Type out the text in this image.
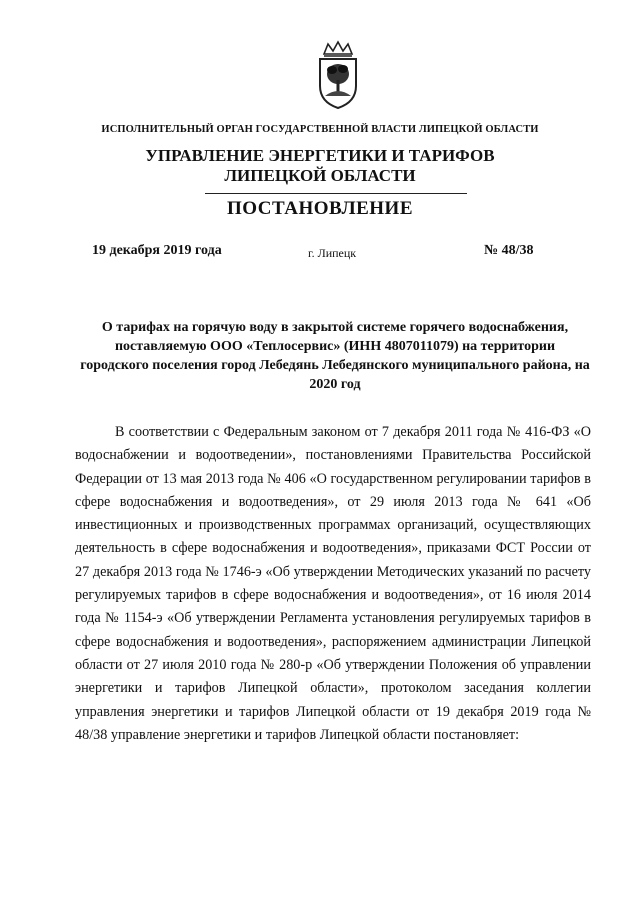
ИСПОЛНИТЕЛЬНЫЙ ОРГАН ГОСУДАРСТВЕННОЙ ВЛАСТИ ЛИПЕЦКОЙ ОБЛАСТИ
УПРАВЛЕНИЕ ЭНЕРГЕТИКИ И ТАРИФОВ
ЛИПЕЦКОЙ ОБЛАСТИ
ПОСТАНОВЛЕНИЕ
19 декабря 2019 года	г. Липецк	№ 48/38
О тарифах на горячую воду в закрытой системе горячего водоснабжения, поставляемую ООО «Теплосервис» (ИНН 4807011079) на территории городского поселения город Лебедянь Лебедянского муниципального района, на 2020 год

В соответствии с Федеральным законом от 7 декабря 2011 года № 416-ФЗ «О водоснабжении и водоотведении», постановлениями Правительства Российской Федерации от 13 мая 2013 года № 406 «О государственном регулировании тарифов в сфере водоснабжения и водоотведения», от 29 июля 2013 года № 641 «Об инвестиционных и производственных программах организаций, осуществляющих деятельность в сфере водоснабжения и водоотведения», приказами ФСТ России от 27 декабря 2013 года № 1746-э «Об утверждении Методических указаний по расчету регулируемых тарифов в сфере водоснабжения и водоотведения», от 16 июля 2014 года № 1154-э «Об утверждении Регламента установления регулируемых тарифов в сфере водоснабжения и водоотведения», распоряжением администрации Липецкой области от 27 июля 2010 года № 280-р «Об утверждении Положения об управлении энергетики и тарифов Липецкой области», протоколом заседания коллегии управления энергетики и тарифов Липецкой области от 19 декабря 2019 года № 48/38 управление энергетики и тарифов Липецкой области постановляет:
